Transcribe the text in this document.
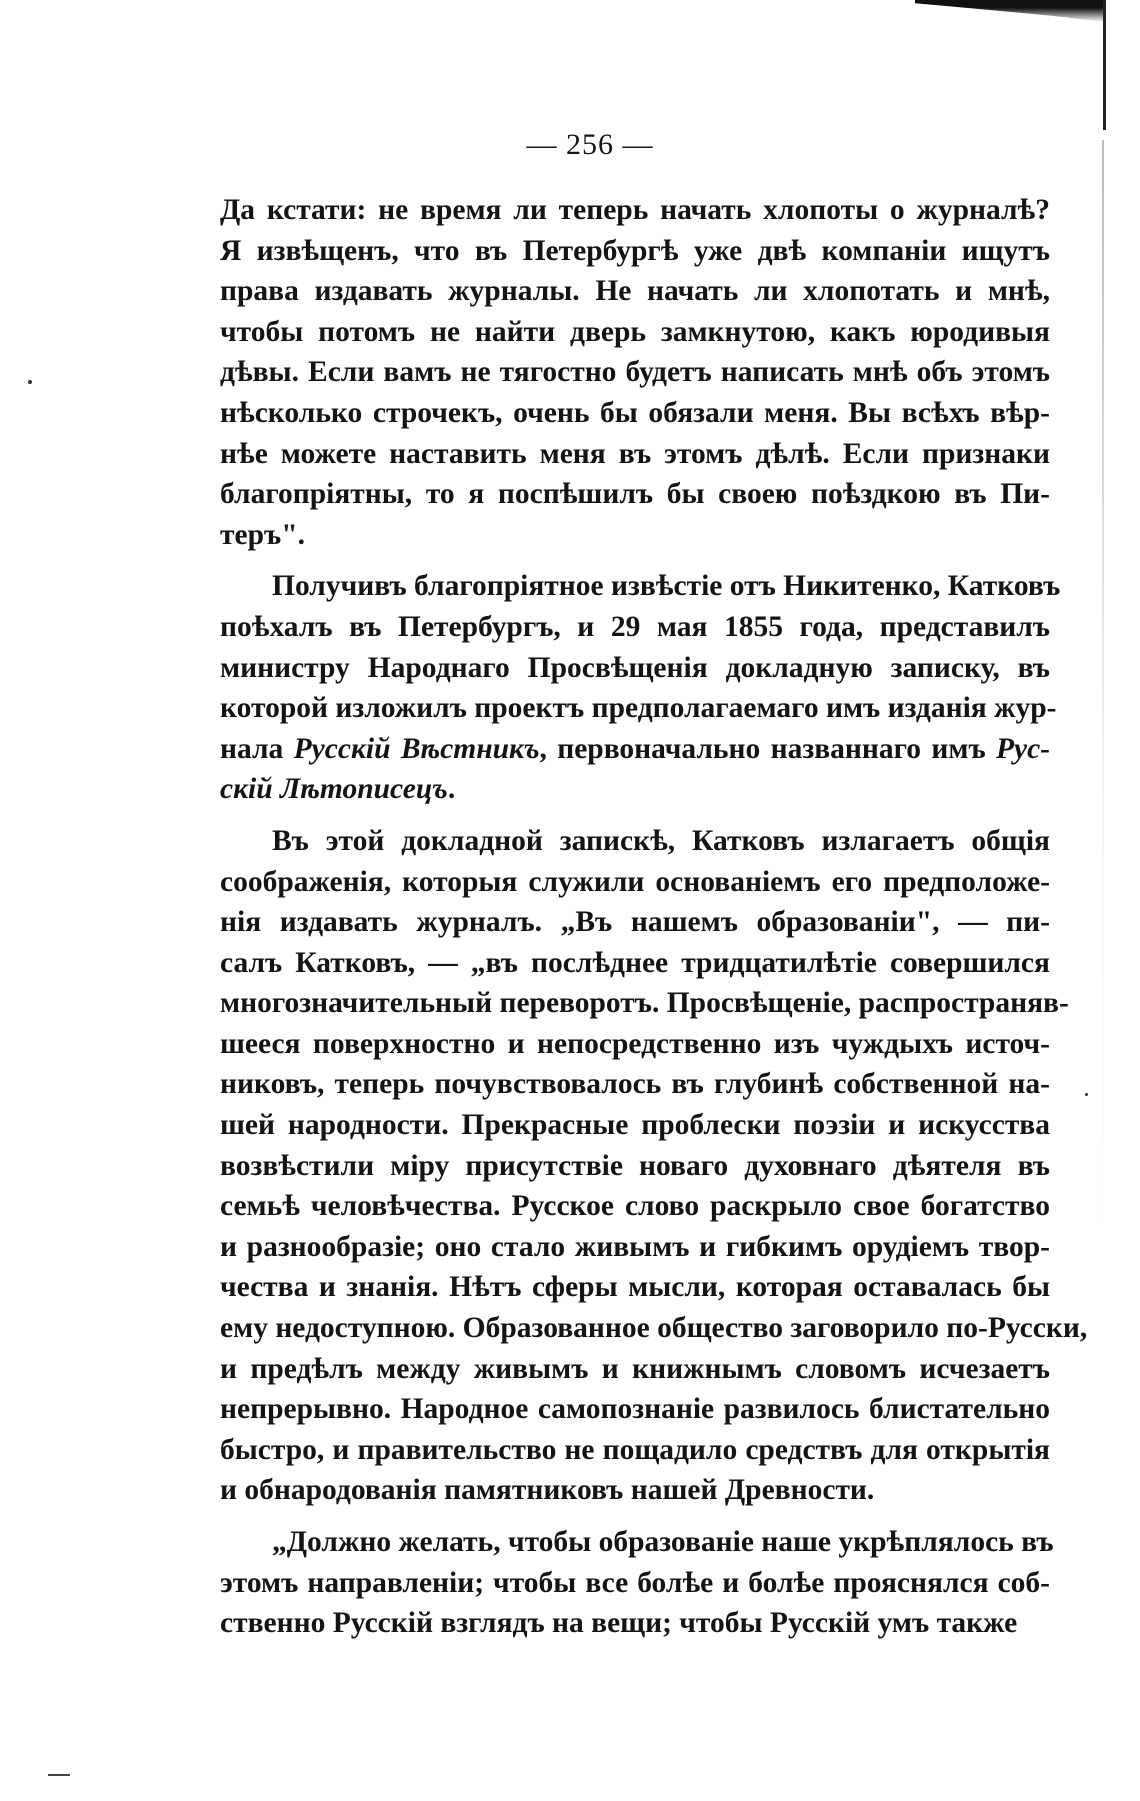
— 256 —
Да кстати: не время ли теперь начать хлопоты о журналѣ?
Я извѣщенъ, что въ Петербургѣ уже двѣ компаніи ищутъ
права издавать журналы. Не начать ли хлопотать и мнѣ,
чтобы потомъ не найти дверь замкнутою, какъ юродивыя
дѣвы. Если вамъ не тягостно будетъ написать мнѣ объ этомъ
нѣсколько строчекъ, очень бы обязали меня. Вы всѣхъ вѣр-
нѣе можете наставить меня въ этомъ дѣлѣ. Если признаки
благопріятны, то я поспѣшилъ бы своею поѣздкою въ Пи-
теръ".
Получивъ благопріятное извѣстіе отъ Никитенко, Катковъ
поѣхалъ въ Петербургъ, и 29 мая 1855 года, представилъ
министру Народнаго Просвѣщенія докладную записку, въ
которой изложилъ проектъ предполагаемаго имъ изданія жур-
нала Русскій Вѣстникъ, первоначально названнаго имъ Рус-
скій Лѣтописецъ.
Въ этой докладной запискѣ, Катковъ излагаетъ общія
соображенія, которыя служили основаніемъ его предположе-
нія издавать журналъ. „Въ нашемъ образованіи", — пи-
салъ Катковъ, — „въ послѣднее тридцатилѣтіе совершился
многозначительный переворотъ. Просвѣщеніе, распространяв-
шееся поверхностно и непосредственно изъ чуждыхъ источ-
никовъ, теперь почувствовалось въ глубинѣ собственной на-
шей народности. Прекрасные проблески поэзіи и искусства
возвѣстили міру присутствіе новаго духовнаго дѣятеля въ
семьѣ человѣчества. Русское слово раскрыло свое богатство
и разнообразіе; оно стало живымъ и гибкимъ орудіемъ твор-
чества и знанія. Нѣтъ сферы мысли, которая оставалась бы
ему недоступною. Образованное общество заговорило по-Русски,
и предѣлъ между живымъ и книжнымъ словомъ исчезаетъ
непрерывно. Народное самопознаніе развилось блистательно
быстро, и правительство не пощадило средствъ для открытія
и обнародованія памятниковъ нашей Древности.
„Должно желать, чтобы образованіе наше укрѣплялось въ
этомъ направленіи; чтобы все болѣе и болѣе прояснялся соб-
ственно Русскій взглядъ на вещи; чтобы Русскій умъ также
